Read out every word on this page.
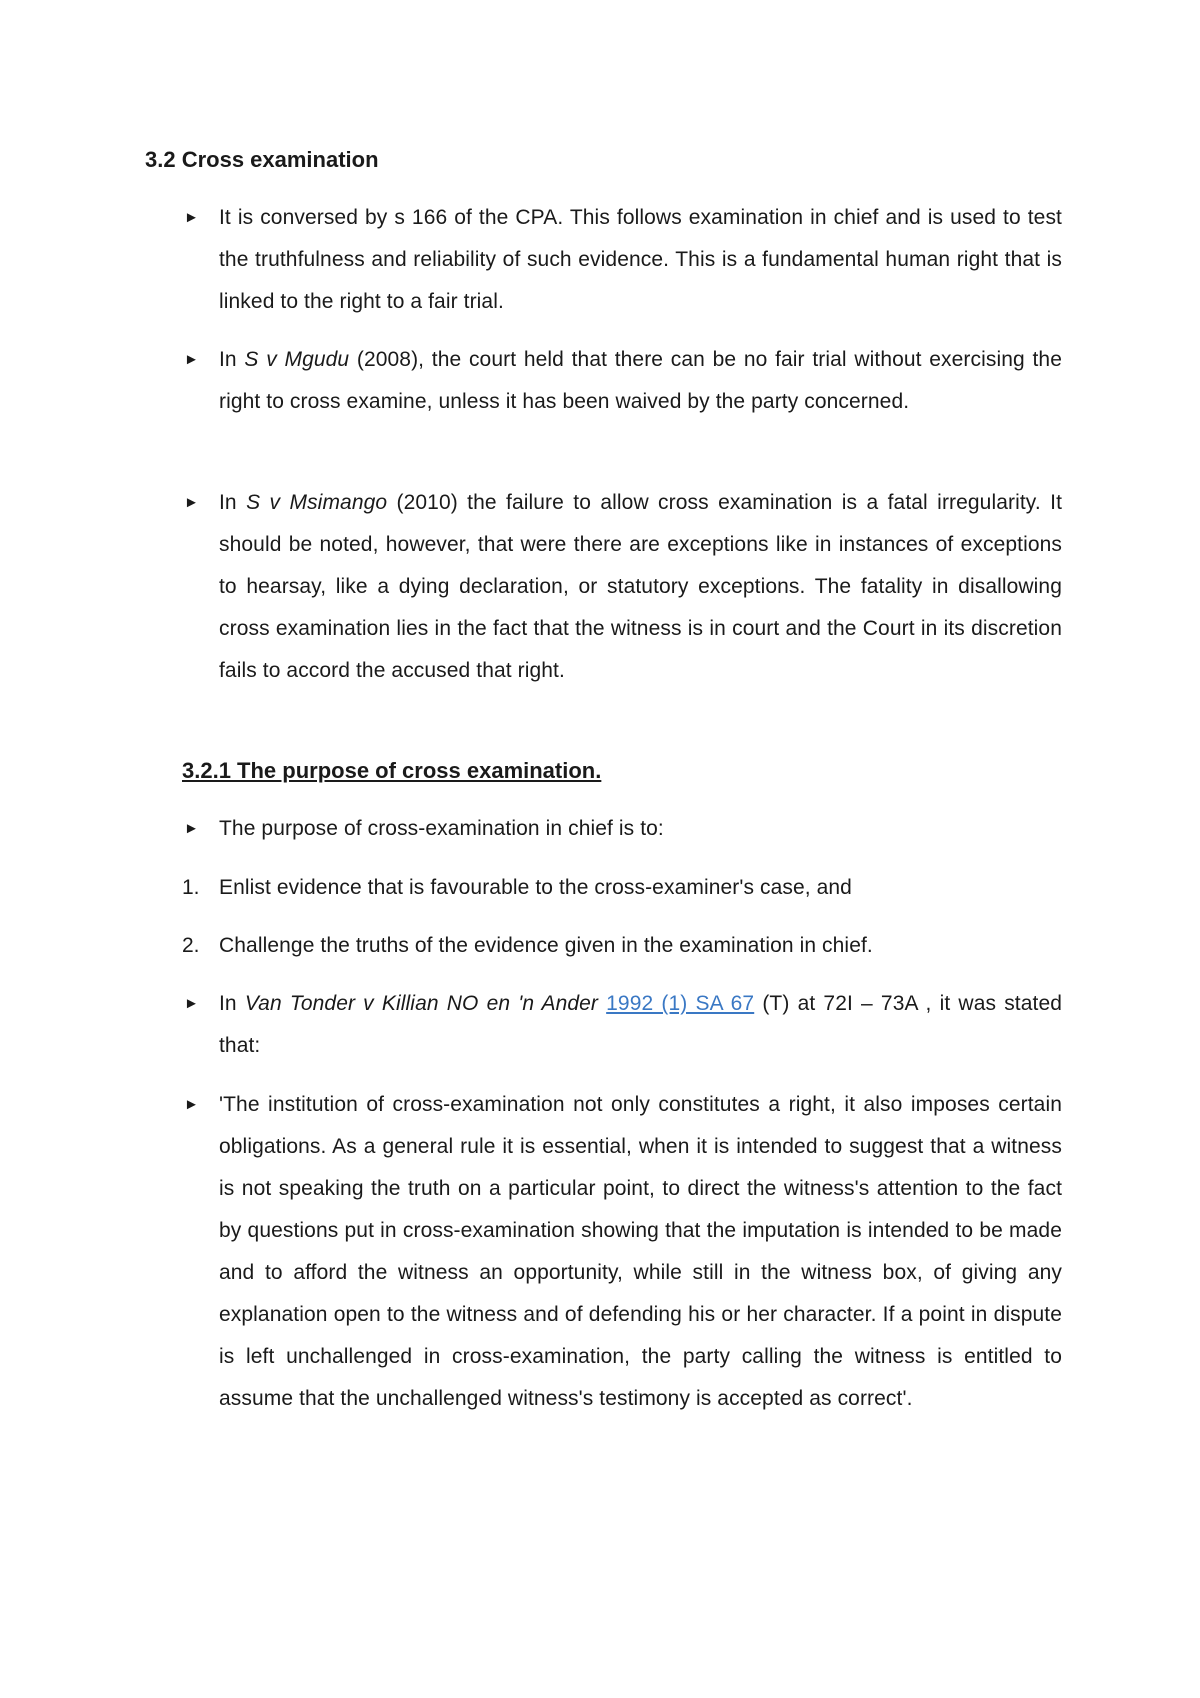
3.2 Cross examination
► It is conversed by s 166 of the CPA. This follows examination in chief and is used to test the truthfulness and reliability of such evidence. This is a fundamental human right that is linked to the right to a fair trial.

► In S v Mgudu (2008), the court held that there can be no fair trial without exercising the right to cross examine, unless it has been waived by the party concerned.

► In S v Msimango (2010) the failure to allow cross examination is a fatal irregularity. It should be noted, however, that were there are exceptions like in instances of exceptions to hearsay, like a dying declaration, or statutory exceptions. The fatality in disallowing cross examination lies in the fact that the witness is in court and the Court in its discretion fails to accord the accused that right.

3.2.1 The purpose of cross examination.
► The purpose of cross-examination in chief is to:

1. Enlist evidence that is favourable to the cross-examiner's case, and

2. Challenge the truths of the evidence given in the examination in chief.

► In Van Tonder v Killian NO en 'n Ander 1992 (1) SA 67 (T) at 72I – 73A , it was stated that:

► 'The institution of cross-examination not only constitutes a right, it also imposes certain obligations. As a general rule it is essential, when it is intended to suggest that a witness is not speaking the truth on a particular point, to direct the witness's attention to the fact by questions put in cross-examination showing that the imputation is intended to be made and to afford the witness an opportunity, while still in the witness box, of giving any explanation open to the witness and of defending his or her character. If a point in dispute is left unchallenged in cross-examination, the party calling the witness is entitled to assume that the unchallenged witness's testimony is accepted as correct'.
